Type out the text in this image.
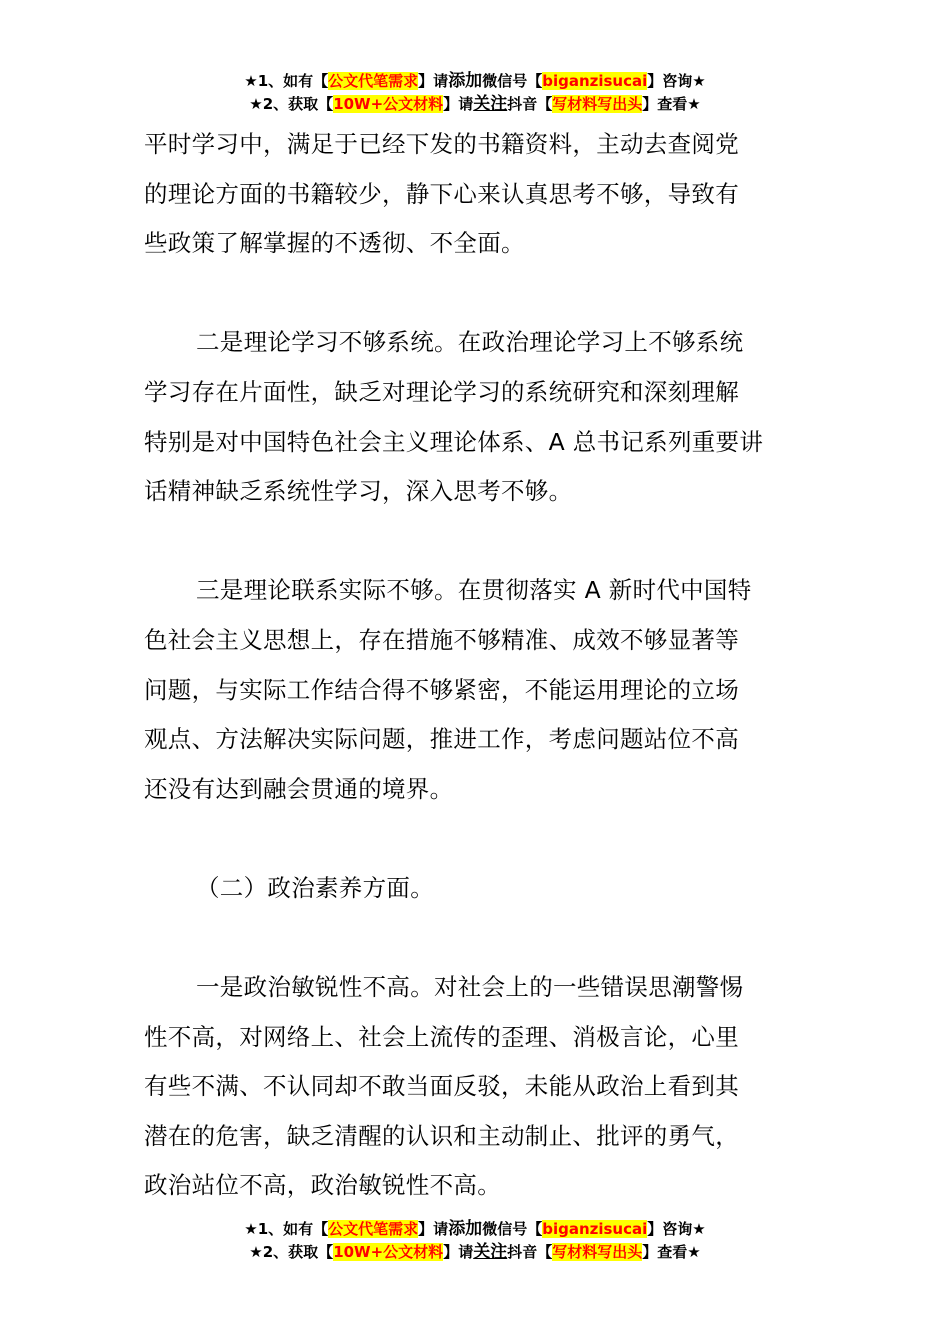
★1、如有【公文代笔需求】请添加微信号【biganzisucai】咨询★
★2、获取【10W+公文材料】请关注抖音【写材料写出头】查看★

平时学习中，满足于已经下发的书籍资料，主动去查阅党

的理论方面的书籍较少，静下心来认真思考不够，导致有

些政策了解掌握的不透彻、不全面。

二是理论学习不够系统。在政治理论学习上不够系统

学习存在片面性，缺乏对理论学习的系统研究和深刻理解

特别是对中国特色社会主义理论体系、A 总书记系列重要讲

话精神缺乏系统性学习，深入思考不够。

三是理论联系实际不够。在贯彻落实 A 新时代中国特

色社会主义思想上，存在措施不够精准、成效不够显著等

问题，与实际工作结合得不够紧密，不能运用理论的立场

观点、方法解决实际问题，推进工作，考虑问题站位不高

还没有达到融会贯通的境界。

（二）政治素养方面。

一是政治敏锐性不高。对社会上的一些错误思潮警惕

性不高，对网络上、社会上流传的歪理、消极言论，心里

有些不满、不认同却不敢当面反驳，未能从政治上看到其

潜在的危害，缺乏清醒的认识和主动制止、批评的勇气，

政治站位不高，政治敏锐性不高。

★1、如有【公文代笔需求】请添加微信号【biganzisucai】咨询★
★2、获取【10W+公文材料】请关注抖音【写材料写出头】查看★
